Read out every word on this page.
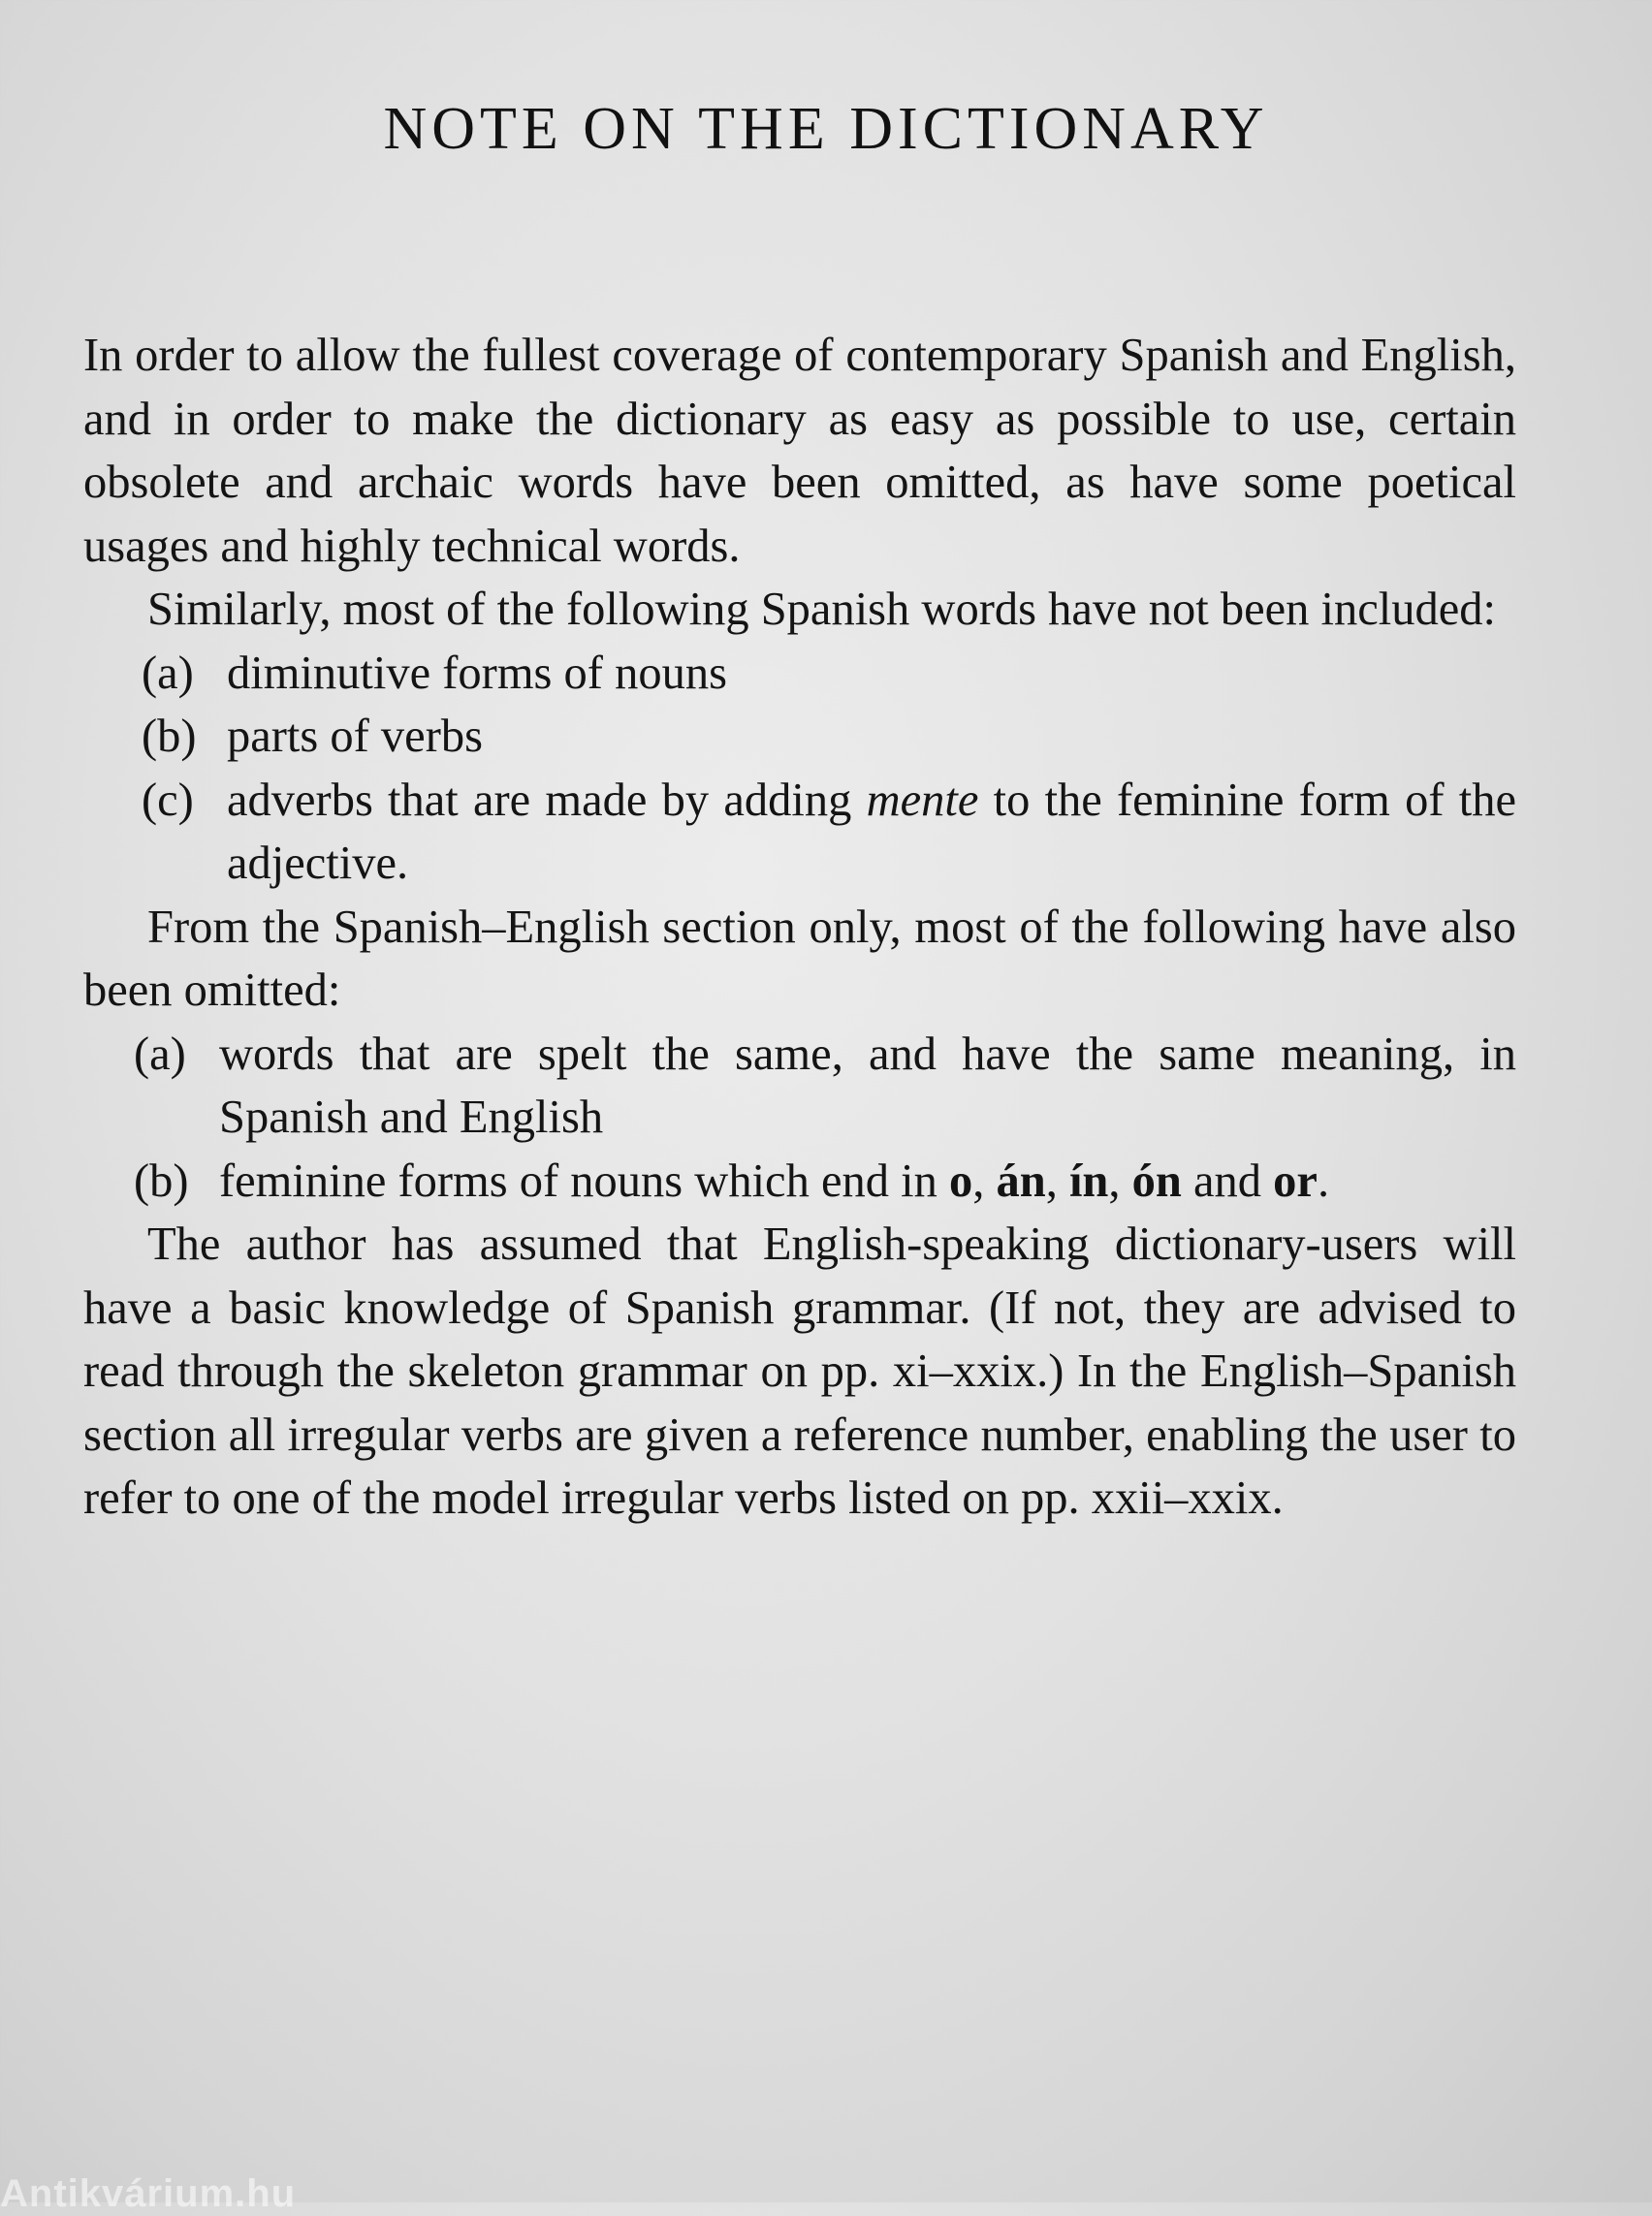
NOTE ON THE DICTIONARY

In order to allow the fullest coverage of contemporary Spanish and English, and in order to make the dictionary as easy as possible to use, certain obsolete and archaic words have been omitted, as have some poetical usages and highly technical words.

Similarly, most of the following Spanish words have not been included:

(a) diminutive forms of nouns

(b) parts of verbs

(c) adverbs that are made by adding mente to the feminine form of the adjective.

From the Spanish–English section only, most of the following have also been omitted:

(a) words that are spelt the same, and have the same meaning, in Spanish and English

(b) feminine forms of nouns which end in o, án, ín, ón and or.

The author has assumed that English-speaking dictionary-users will have a basic knowledge of Spanish grammar. (If not, they are advised to read through the skeleton grammar on pp. xi–xxix.) In the English–Spanish section all irregular verbs are given a reference number, enabling the user to refer to one of the model irregular verbs listed on pp. xxii–xxix.

Antikvárium.hu
